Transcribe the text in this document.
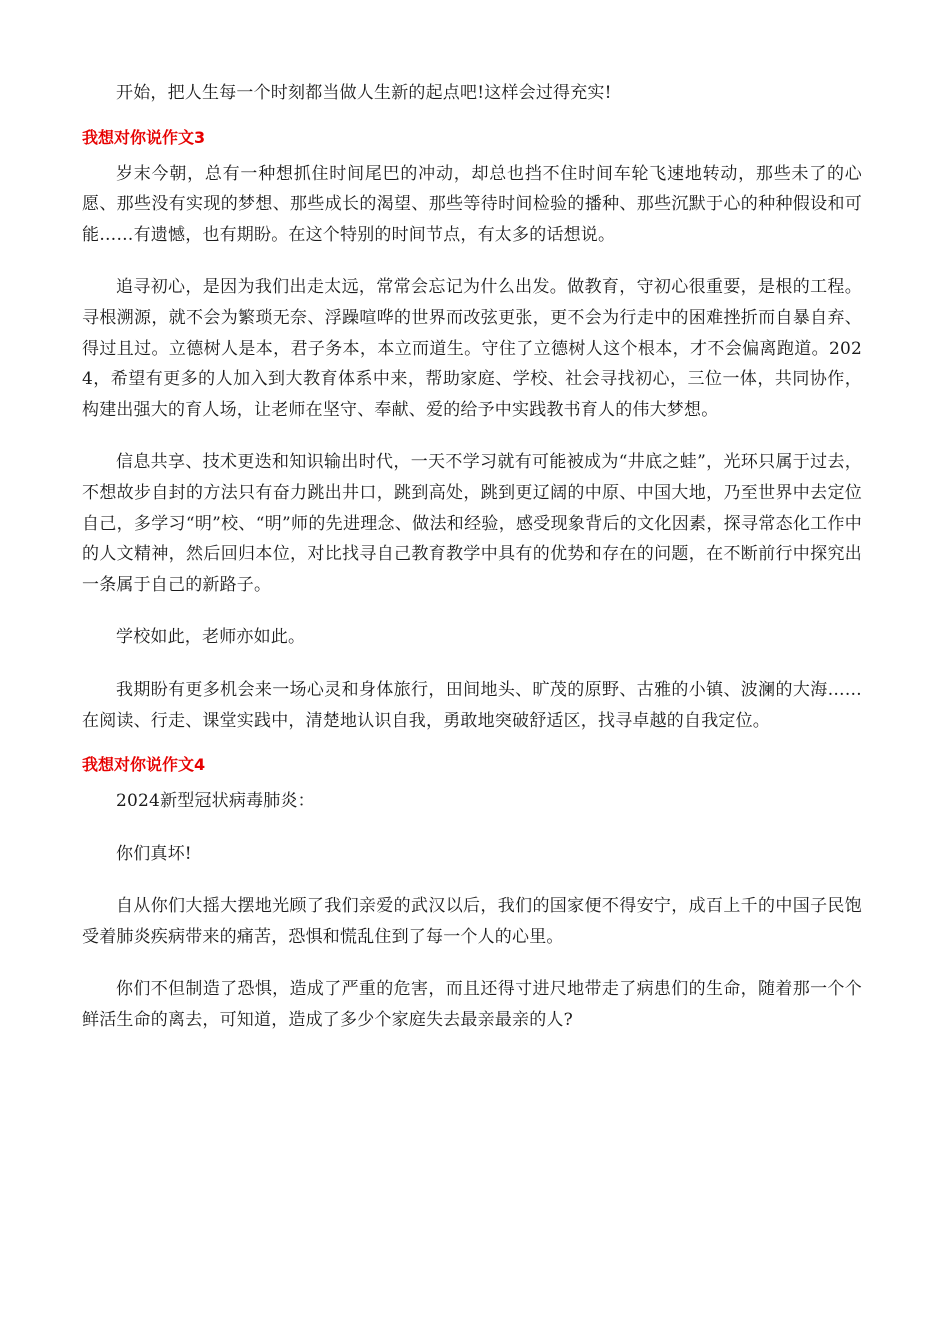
开始，把人生每一个时刻都当做人生新的起点吧!这样会过得充实!

我想对你说作文3

岁末今朝，总有一种想抓住时间尾巴的冲动，却总也挡不住时间车轮飞速地转动，那些未了的心愿、那些没有实现的梦想、那些成长的渴望、那些等待时间检验的播种、那些沉默于心的种种假设和可能……有遗憾，也有期盼。在这个特别的时间节点，有太多的话想说。

追寻初心，是因为我们出走太远，常常会忘记为什么出发。做教育，守初心很重要，是根的工程。寻根溯源，就不会为繁琐无奈、浮躁喧哗的世界而改弦更张，更不会为行走中的困难挫折而自暴自弃、得过且过。立德树人是本，君子务本，本立而道生。守住了立德树人这个根本，才不会偏离跑道。2024，希望有更多的人加入到大教育体系中来，帮助家庭、学校、社会寻找初心，三位一体，共同协作，构建出强大的育人场，让老师在坚守、奉献、爱的给予中实践教书育人的伟大梦想。

信息共享、技术更迭和知识输出时代，一天不学习就有可能被成为“井底之蛙”，光环只属于过去，不想故步自封的方法只有奋力跳出井口，跳到高处，跳到更辽阔的中原、中国大地，乃至世界中去定位自己，多学习“明”校、“明”师的先进理念、做法和经验，感受现象背后的文化因素，探寻常态化工作中的人文精神，然后回归本位，对比找寻自己教育教学中具有的优势和存在的问题，在不断前行中探究出一条属于自己的新路子。

学校如此，老师亦如此。

我期盼有更多机会来一场心灵和身体旅行，田间地头、旷茂的原野、古雅的小镇、波澜的大海……在阅读、行走、课堂实践中，清楚地认识自我，勇敢地突破舒适区，找寻卓越的自我定位。

我想对你说作文4

2024新型冠状病毒肺炎：

你们真坏!

自从你们大摇大摆地光顾了我们亲爱的武汉以后，我们的国家便不得安宁，成百上千的中国子民饱受着肺炎疾病带来的痛苦，恐惧和慌乱住到了每一个人的心里。

你们不但制造了恐惧，造成了严重的危害，而且还得寸进尺地带走了病患们的生命，随着那一个个鲜活生命的离去，可知道，造成了多少个家庭失去最亲最亲的人?
